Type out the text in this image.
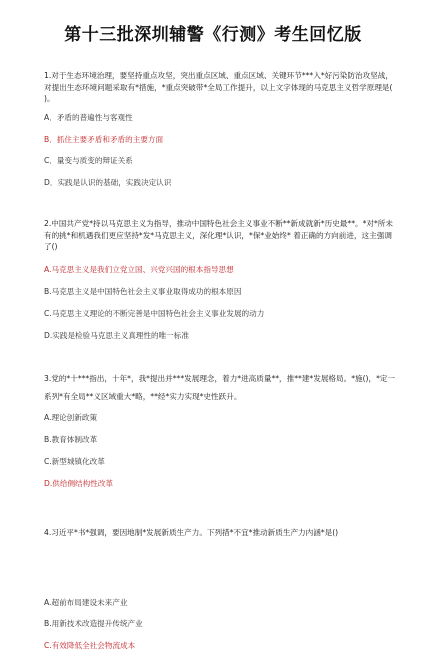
第十三批深圳辅警《行测》考生回忆版

1.对于生态环境治理，要坚持重点攻坚，突出重点区域、重点区域、关键环节***入*好污染防治攻坚战，对提出生态环境问题采取有*措施，*重点突破带*全局工作提升，以上文字体现的马克思主义哲学原理是( )。

A．矛盾的普遍性与客观性
B．抓住主要矛盾和矛盾的主要方面
C．量变与质变的辩证关系
D．实践是认识的基础，实践决定认识

2.中国共产党*持以马克思主义为指导，推动中国特色社会主义事业不断**新成就新*历史最**。*对*所未有的挑*和机遇我们更应坚持*发*马克思主义，深化理*认识，*保*业始终* 着正确的方向前进，这主强调了()

A.马克思主义是我们立党立国、兴党兴国的根本指导思想
B.马克思主义是中国特色社会主义事业取得成功的根本原因
C.马克思主义理论的不断完善是中国特色社会主义事业发展的动力
D.实践是检验马克思主义真理性的唯一标准

3.党的*十***指出，十年*，我*提出并***发展理念，着力*进高质量**，推**建*发展格局。*施()，*定一系列*有全局**义区域重大*略，**经*实力实现*史性跃升。

A.理论创新政策
B.教育体制改革
C.新型城镇化改革
D.供给侧结构性改革

4.习近平*书*强调，要因地制*发展新质生产力。下列措*不宜*推动新质生产力内涵*是()

A.超前布局建设未来产业
B.用新技术改造提升传统产业
C.有效降低全社会物流成本
